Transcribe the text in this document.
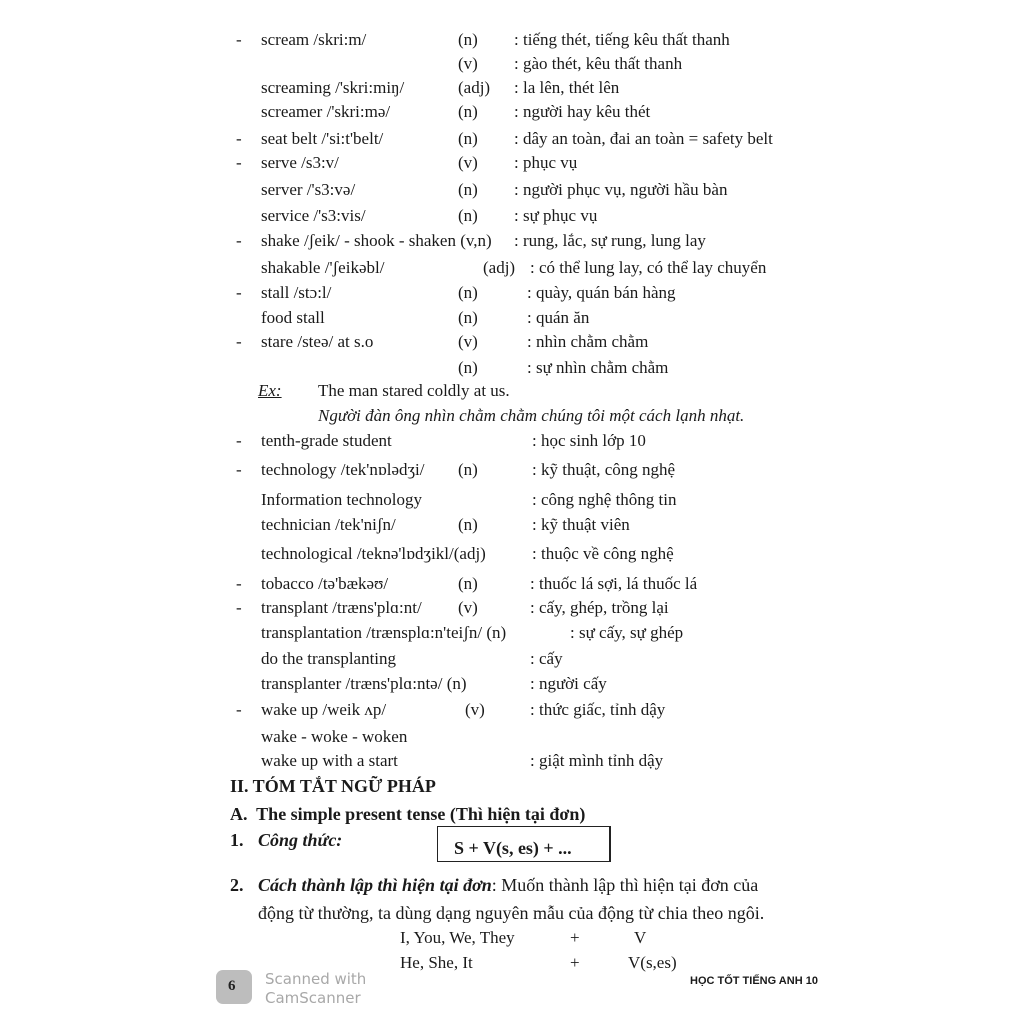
- scream /skri:m/	(n) : tiếng thét, tiếng kêu thất thanh
(v) : gào thét, kêu thất thanh
screaming /'skri:miŋ/	(adj) : la lên, thét lên
screamer /'skri:mə/	(n) : người hay kêu thét
- seat belt /'si:t'belt/	(n) : dây an toàn, đai an toàn = safety belt
- serve /s3:v/	(v) : phục vụ
server /'s3:və/	(n) : người phục vụ, người hầu bàn
service /'s3:vis/	(n) : sự phục vụ
- shake /ʃeik/ - shook - shaken (v,n) : rung, lắc, sự rung, lung lay
shakable /'ʃeikəbl/	(adj) : có thể lung lay, có thể lay chuyển
- stall /stɔ:l/	(n)	: quày, quán bán hàng
food stall	(n)	: quán ăn
- stare /steə/ at s.o	(v)	: nhìn chằm chằm
(n)	: sự nhìn chằm chằm
- tenth-grade student	: học sinh lớp 10
- technology /tek'nɒlədʒi/ (n)	: kỹ thuật, công nghệ
Information technology	: công nghệ thông tin
technician /tek'niʃn/	(n)	: kỹ thuật viên
technological /teknə'lɒdʒikl/(adj)	: thuộc về công nghệ
- tobacco /tə'bækəʊ/	(n)	: thuốc lá sợi, lá thuốc lá
- transplant /træns'plɑ:nt/ (v)	: cấy, ghép, trồng lại
transplantation /trænsplɑ:n'teiʃn/ (n)	: sự cấy, sự ghép
do the transplanting	: cấy
transplanter /træns'plɑ:ntə/ (n)	: người cấy
- wake up /weik ʌp/	(v)	: thức giấc, tỉnh dậy
wake - woke - woken
wake up with a start	: giật mình tỉnh dậy
Ex: The man stared coldly at us.
Người đàn ông nhìn chằm chằm chúng tôi một cách lạnh nhạt.
II. TÓM TẮT NGỮ PHÁP
A.  The simple present tense (Thì hiện tại đơn)
1. Công thức:	S + V(s, es) + ...
2. Cách thành lập thì hiện tại đơn: Muốn thành lập thì hiện tại đơn của
động từ thường, ta dùng dạng nguyên mẫu của động từ chia theo ngôi.
I, You, We, They	+	V
He, She, It	+	V(s,es)
6 Scanned with
CamScanner
HỌC TỐT TIẾNG ANH 10
